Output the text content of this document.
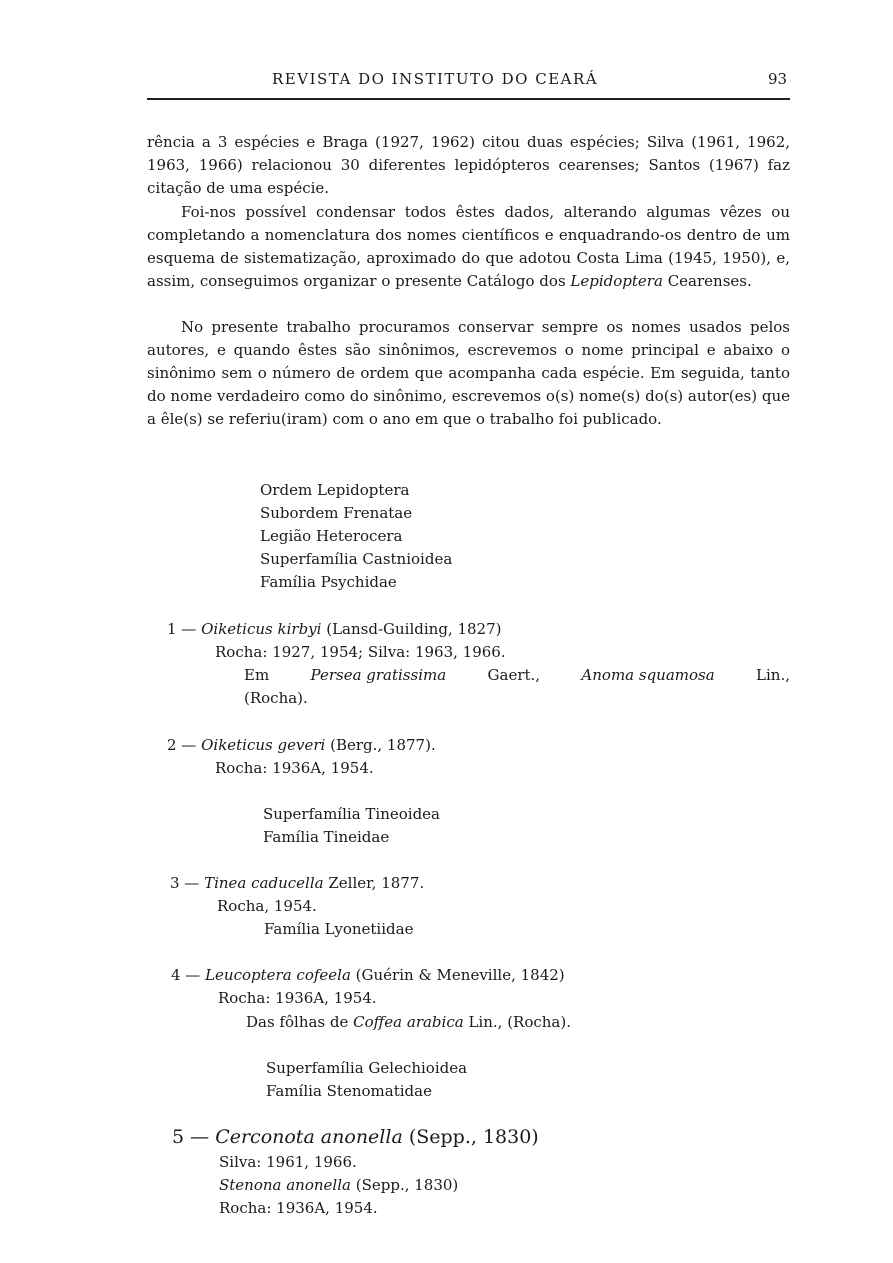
REVISTA DO INSTITUTO DO CEARÁ	93

rência a 3 espécies e Braga (1927, 1962) citou duas espécies; Silva (1961, 1962, 1963, 1966) relacionou 30 diferentes lepidópteros cearenses; Santos (1967) faz citação de uma espécie.

Foi-nos possível condensar todos êstes dados, alterando algumas vêzes ou completando a nomenclatura dos nomes científicos e enquadrando-os dentro de um esquema de sistematização, aproximado do que adotou Costa Lima (1945, 1950), e, assim, conseguimos organizar o presente Catálogo dos Lepidoptera Cearenses.

No presente trabalho procuramos conservar sempre os nomes usados pelos autores, e quando êstes são sinônimos, escrevemos o nome principal e abaixo o sinônimo sem o número de ordem que acompanha cada espécie. Em seguida, tanto do nome verdadeiro como do sinônimo, escrevemos o(s) nome(s) do(s) autor(es) que a êle(s) se referiu(iram) com o ano em que o trabalho foi publicado.

Ordem Lepidoptera
Subordem Frenatae
Legião Heterocera
Superfamília Castnioidea
Família Psychidae
1 — Oiketicus kirbyi (Lansd-Guilding, 1827)
Rocha: 1927, 1954; Silva: 1963, 1966.
Em	Persea gratissima	Gaert.,	Anoma squamosa	Lin.,
(Rocha).
2 — Oiketicus geveri (Berg., 1877).
Rocha: 1936A, 1954.
Superfamília Tineoidea
Família Tineidae
3 — Tinea caducella Zeller, 1877.
Rocha, 1954.
Família Lyonetiidae
4 — Leucoptera cofeela (Guérin & Meneville, 1842)
Rocha: 1936A, 1954.
Das fôlhas de Coffea arabica Lin., (Rocha).
Superfamília Gelechioidea
Família Stenomatidae
5 — Cerconota anonella (Sepp., 1830)
Silva: 1961, 1966.
Stenona anonella (Sepp., 1830)
Rocha: 1936A, 1954.
